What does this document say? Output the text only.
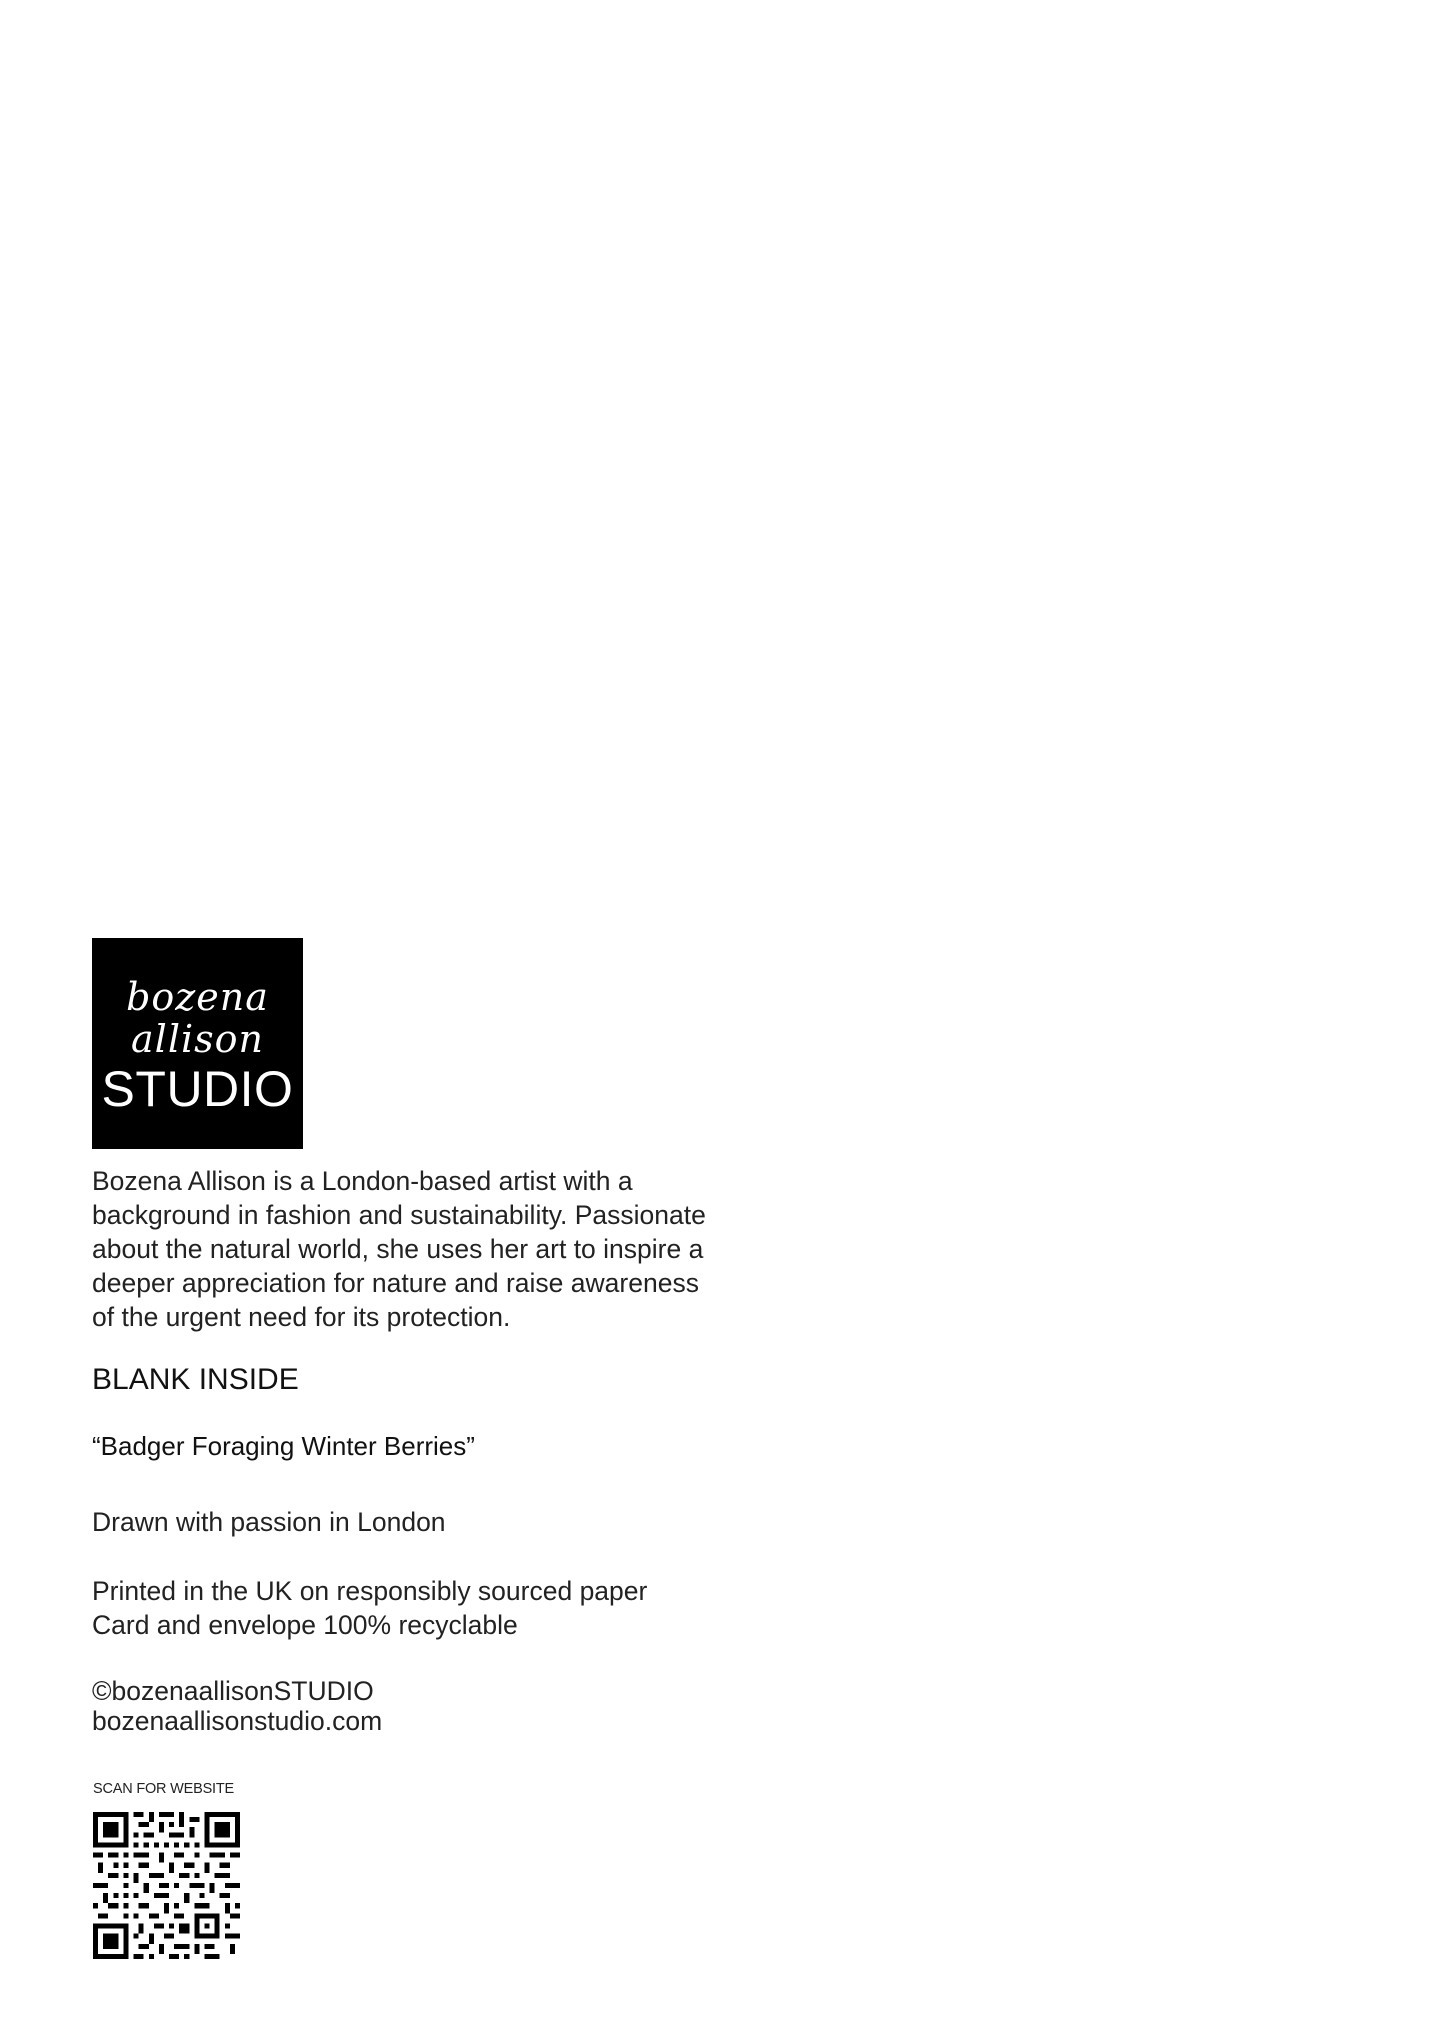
bozena
allison
STUDIO
Bozena Allison is a London-based artist with a
background in fashion and sustainability. Passionate
about the natural world, she uses her art to inspire a
deeper appreciation for nature and raise awareness
of the urgent need for its protection.
BLANK INSIDE
“Badger Foraging Winter Berries”
Drawn with passion in London
Printed in the UK on responsibly sourced paper
Card and envelope 100% recyclable
©bozenaallisonSTUDIO
bozenaallisonstudio.com
SCAN FOR WEBSITE
